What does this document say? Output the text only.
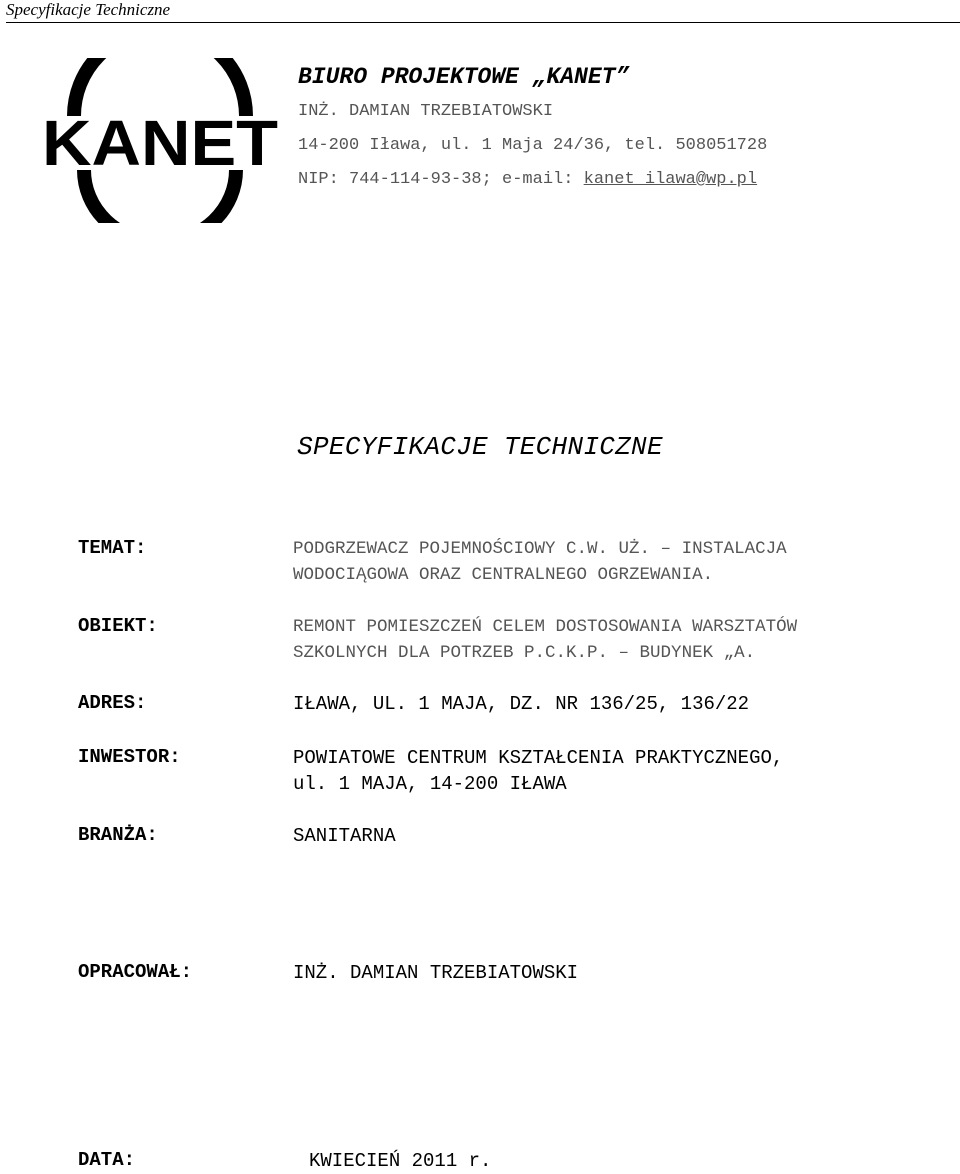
Specyfikacje Techniczne
KANET
BIURO PROJEKTOWE „KANET”
INŻ. DAMIAN TRZEBIATOWSKI
14-200 Iława, ul. 1 Maja 24/36, tel. 508051728
NIP: 744-114-93-38; e-mail: kanet_ilawa@wp.pl
SPECYFIKACJE TECHNICZNE
TEMAT:	PODGRZEWACZ POJEMNOŚCIOWY C.W. UŻ. – INSTALACJA
WODOCIĄGOWA ORAZ CENTRALNEGO OGRZEWANIA.
OBIEKT:	REMONT POMIESZCZEŃ CELEM DOSTOSOWANIA WARSZTATÓW
SZKOLNYCH DLA POTRZEB P.C.K.P. – BUDYNEK „A.
ADRES:	IŁAWA, UL. 1 MAJA, DZ. NR 136/25, 136/22
INWESTOR:	POWIATOWE CENTRUM KSZTAŁCENIA PRAKTYCZNEGO,
ul. 1 MAJA, 14-200 IŁAWA
BRANŻA:	SANITARNA
OPRACOWAŁ:	INŻ. DAMIAN TRZEBIATOWSKI
DATA:	KWIECIEŃ 2011 r.
